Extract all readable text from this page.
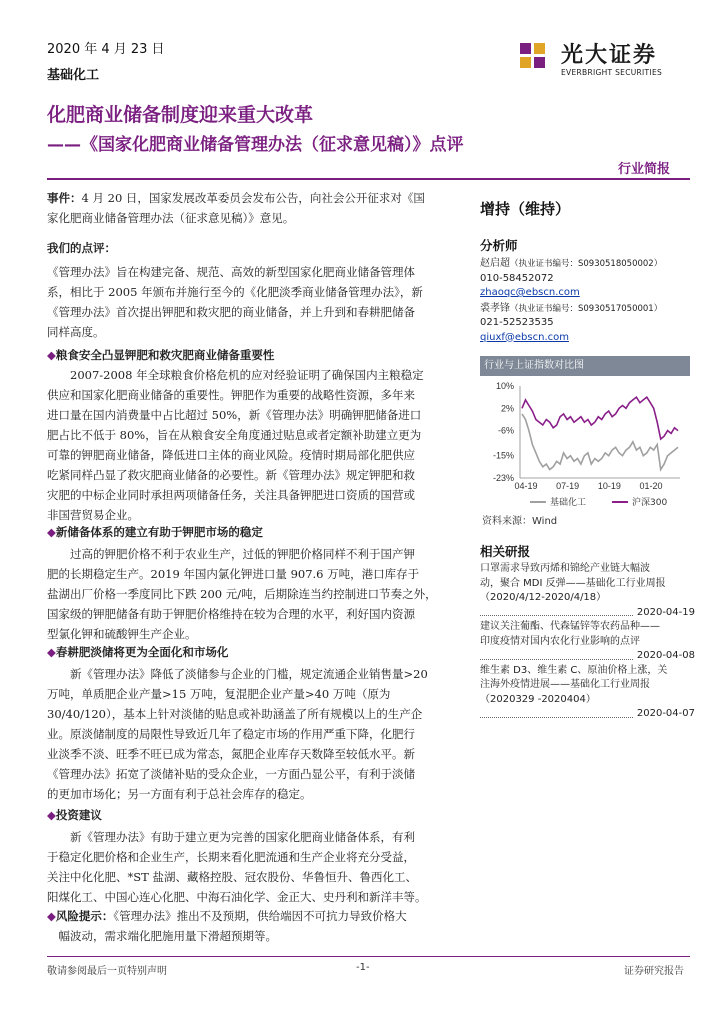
2020 年 4 月 23 日
基础化工
光大证券
EVERBRIGHT SECURITIES
化肥商业储备制度迎来重大改革
——《国家化肥商业储备管理办法（征求意见稿）》点评
行业简报

事件：4 月 20 日，国家发展改革委员会发布公告，向社会公开征求对《国

家化肥商业储备管理办法（征求意见稿）》意见。

我们的点评：

《管理办法》旨在构建完备、规范、高效的新型国家化肥商业储备管理体

系，相比于 2005 年颁布并施行至今的《化肥淡季商业储备管理办法》，新

《管理办法》首次提出钾肥和救灾肥的商业储备，并上升到和春耕肥储备

同样高度。

◆粮食安全凸显钾肥和救灾肥商业储备重要性

2007-2008 年全球粮食价格危机的应对经验证明了确保国内主粮稳定

供应和国家化肥商业储备的重要性。钾肥作为重要的战略性资源，多年来

进口量在国内消费量中占比超过 50%，新《管理办法》明确钾肥储备进口

肥占比不低于 80%，旨在从粮食安全角度通过贴息或者定额补助建立更为

可靠的钾肥商业储备，降低进口主体的商业风险。疫情时期局部化肥供应

吃紧同样凸显了救灾肥商业储备的必要性。新《管理办法》规定钾肥和救

灾肥的中标企业同时承担两项储备任务，关注具备钾肥进口资质的国营或

非国营贸易企业。

◆新储备体系的建立有助于钾肥市场的稳定

过高的钾肥价格不利于农业生产，过低的钾肥价格同样不利于国产钾

肥的长期稳定生产。2019 年国内氯化钾进口量 907.6 万吨，港口库存于

盐湖出厂价格一季度同比下跌 200 元/吨，后期除连当约控制进口节奏之外，

国家级的钾肥储备有助于钾肥价格维持在较为合理的水平，利好国内资源

型氯化钾和硫酸钾生产企业。

◆春耕肥淡储将更为全面化和市场化

新《管理办法》降低了淡储参与企业的门槛，规定流通企业销售量>20

万吨，单质肥企业产量>15 万吨，复混肥企业产量>40 万吨（原为

30/40/120），基本上针对淡储的贴息或补助涵盖了所有规模以上的生产企

业。原淡储制度的局限性导致近几年了稳定市场的作用严重下降，化肥行

业淡季不淡、旺季不旺已成为常态，氮肥企业库存天数降至较低水平。新

《管理办法》拓宽了淡储补贴的受众企业，一方面凸显公平，有利于淡储

的更加市场化；另一方面有利于总社会库存的稳定。

◆投资建议

新《管理办法》有助于建立更为完善的国家化肥商业储备体系，有利

于稳定化肥价格和企业生产，长期来看化肥流通和生产企业将充分受益，

关注中化化肥、*ST 盐湖、藏格控股、冠农股份、华鲁恒升、鲁西化工、

阳煤化工、中国心连心化肥、中海石油化学、金正大、史丹利和新洋丰等。

◆风险提示：《管理办法》推出不及预期，供给端因不可抗力导致价格大

幅波动，需求端化肥施用量下滑超预期等。

增持（维持）
分析师
赵启超（执业证书编号：S0930518050002）
010-58452072
zhaoqc@ebscn.com
裘孝锋（执业证书编号：S0930517050001）
021-52523535
qiuxf@ebscn.com
行业与上证指数对比图
10%
2%
-6%
-15%
-23%
04-19 07-19 10-19 01-20
基础化工	沪深300
资料来源：Wind
相关研报
口罩需求导致丙烯和锦纶产业链大幅波
动，聚合 MDI 反弹——基础化工行业周报
（2020/4/12-2020/4/18）
2020-04-19
建议关注葡酯、代森锰锌等农药品种——
印度疫情对国内农化行业影响的点评
2020-04-08
维生素 D3、维生素 C、原油价格上涨，关
注海外疫情进展——基础化工行业周报
（2020329 -2020404）
2020-04-07
敬请参阅最后一页特别声明	-1-	证券研究报告
